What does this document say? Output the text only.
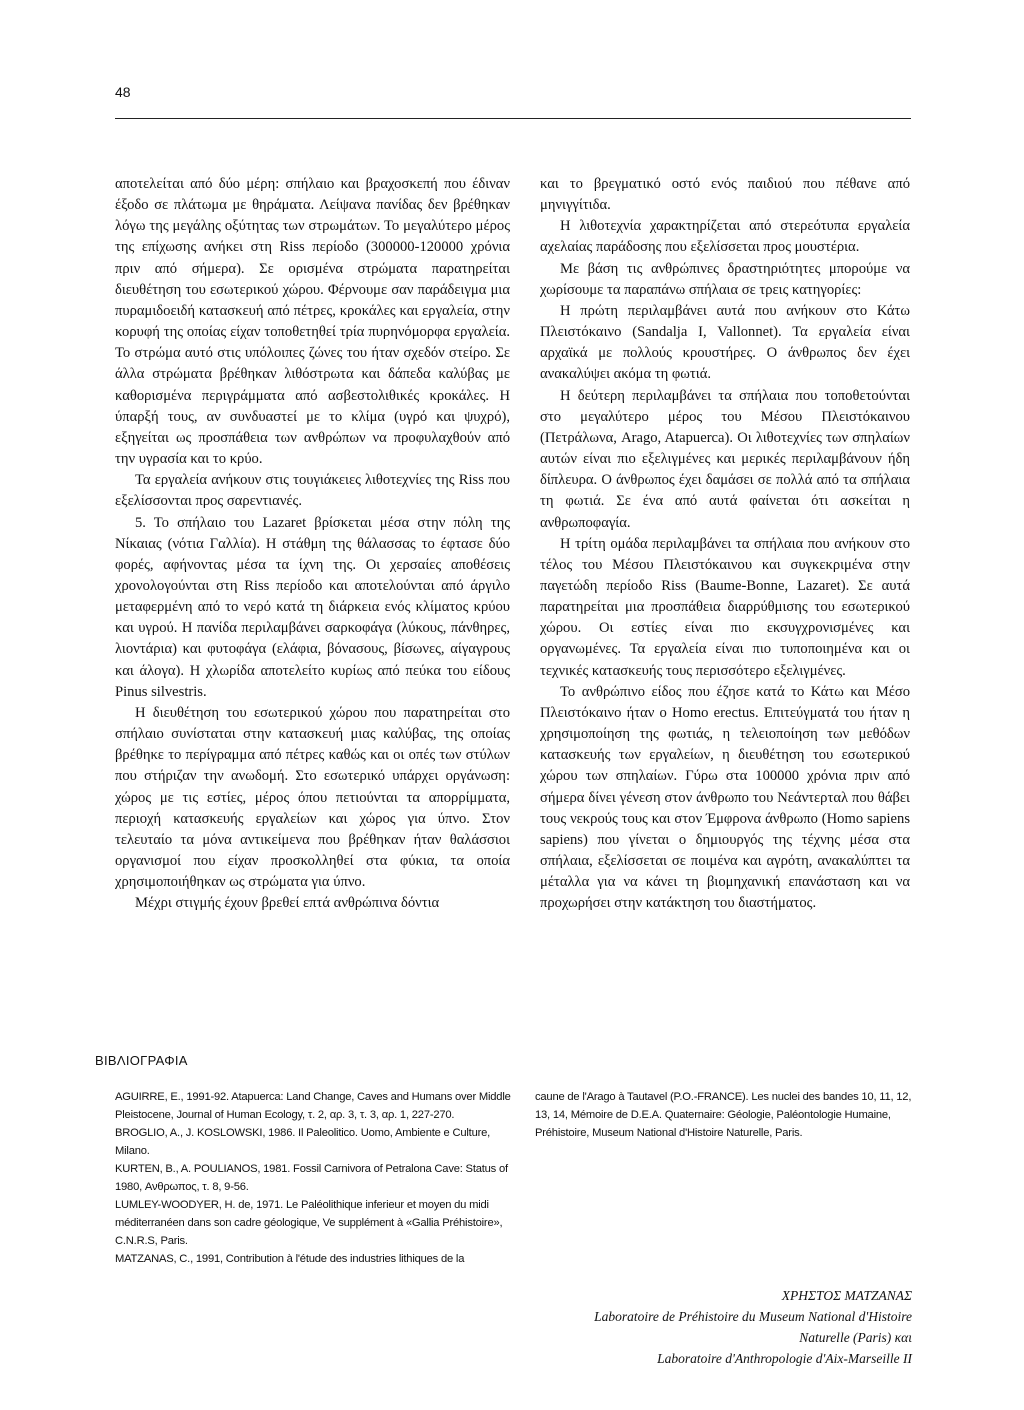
48

αποτελείται από δύο μέρη: σπήλαιο και βραχοσκεπή που έδιναν έξοδο σε πλάτωμα με θηράματα. Λείψανα πανίδας δεν βρέθηκαν λόγω της μεγάλης οξύτητας των στρωμάτων. Το μεγαλύτερο μέρος της επίχωσης ανήκει στη Riss περίοδο (300000-120000 χρόνια πριν από σήμερα). Σε ορισμένα στρώματα παρατηρείται διευθέτηση του εσωτερικού χώρου. Φέρνουμε σαν παράδειγμα μια πυραμιδοειδή κατασκευή από πέτρες, κροκάλες και εργαλεία, στην κορυφή της οποίας είχαν τοποθετηθεί τρία πυρηνόμορφα εργαλεία. Το στρώμα αυτό στις υπόλοιπες ζώνες του ήταν σχεδόν στείρο. Σε άλλα στρώματα βρέθηκαν λιθόστρωτα και δάπεδα καλύβας με καθορισμένα περιγράμματα από ασβεστολιθικές κροκάλες. Η ύπαρξή τους, αν συνδυαστεί με το κλίμα (υγρό και ψυχρό), εξηγείται ως προσπάθεια των ανθρώπων να προφυλαχθούν από την υγρασία και το κρύο.

Τα εργαλεία ανήκουν στις τουγιάκειες λιθοτεχνίες της Riss που εξελίσσονται προς σαρεντιανές.

5. Το σπήλαιο του Lazaret βρίσκεται μέσα στην πόλη της Νίκαιας (νότια Γαλλία). Η στάθμη της θάλασσας το έφτασε δύο φορές, αφήνοντας μέσα τα ίχνη της. Οι χερσαίες αποθέσεις χρονολογούνται στη Riss περίοδο και αποτελούνται από άργιλο μεταφερμένη από το νερό κατά τη διάρκεια ενός κλίματος κρύου και υγρού. Η πανίδα περιλαμβάνει σαρκοφάγα (λύκους, πάνθηρες, λιοντάρια) και φυτοφάγα (ελάφια, βόνασους, βίσωνες, αίγαγρους και άλογα). Η χλωρίδα αποτελείτο κυρίως από πεύκα του είδους Pinus silvestris.

Η διευθέτηση του εσωτερικού χώρου που παρατηρείται στο σπήλαιο συνίσταται στην κατασκευή μιας καλύβας, της οποίας βρέθηκε το περίγραμμα από πέτρες καθώς και οι οπές των στύλων που στήριζαν την ανωδομή. Στο εσωτερικό υπάρχει οργάνωση: χώρος με τις εστίες, μέρος όπου πετιούνται τα απορρίμματα, περιοχή κατασκευής εργαλείων και χώρος για ύπνο. Στον τελευταίο τα μόνα αντικείμενα που βρέθηκαν ήταν θαλάσσιοι οργανισμοί που είχαν προσκολληθεί στα φύκια, τα οποία χρησιμοποιήθηκαν ως στρώματα για ύπνο.

Μέχρι στιγμής έχουν βρεθεί επτά ανθρώπινα δόντια

και το βρεγματικό οστό ενός παιδιού που πέθανε από μηνιγγίτιδα.

Η λιθοτεχνία χαρακτηρίζεται από στερεότυπα εργαλεία αχελαίας παράδοσης που εξελίσσεται προς μουστέρια.

Με βάση τις ανθρώπινες δραστηριότητες μπορούμε να χωρίσουμε τα παραπάνω σπήλαια σε τρεις κατηγορίες:

Η πρώτη περιλαμβάνει αυτά που ανήκουν στο Κάτω Πλειστόκαινο (Sandalja I, Vallonnet). Τα εργαλεία είναι αρχαϊκά με πολλούς κρουστήρες. Ο άνθρωπος δεν έχει ανακαλύψει ακόμα τη φωτιά.

Η δεύτερη περιλαμβάνει τα σπήλαια που τοποθετούνται στο μεγαλύτερο μέρος του Μέσου Πλειστόκαινου (Πετράλωνα, Arago, Atapuerca). Οι λιθοτεχνίες των σπηλαίων αυτών είναι πιο εξελιγμένες και μερικές περιλαμβάνουν ήδη δίπλευρα. Ο άνθρωπος έχει δαμάσει σε πολλά από τα σπήλαια τη φωτιά. Σε ένα από αυτά φαίνεται ότι ασκείται η ανθρωποφαγία.

Η τρίτη ομάδα περιλαμβάνει τα σπήλαια που ανήκουν στο τέλος του Μέσου Πλειστόκαινου και συγκεκριμένα στην παγετώδη περίοδο Riss (Baume-Bonne, Lazaret). Σε αυτά παρατηρείται μια προσπάθεια διαρρύθμισης του εσωτερικού χώρου. Οι εστίες είναι πιο εκσυγχρονισμένες και οργανωμένες. Τα εργαλεία είναι πιο τυποποιημένα και οι τεχνικές κατασκευής τους περισσότερο εξελιγμένες.

Το ανθρώπινο είδος που έζησε κατά το Κάτω και Μέσο Πλειστόκαινο ήταν ο Homo erectus. Επιτεύγματά του ήταν η χρησιμοποίηση της φωτιάς, η τελειοποίηση των μεθόδων κατασκευής των εργαλείων, η διευθέτηση του εσωτερικού χώρου των σπηλαίων. Γύρω στα 100000 χρόνια πριν από σήμερα δίνει γένεση στον άνθρωπο του Νεάντερταλ που θάβει τους νεκρούς τους και στον Έμφρονα άνθρωπο (Homo sapiens sapiens) που γίνεται ο δημιουργός της τέχνης μέσα στα σπήλαια, εξελίσσεται σε ποιμένα και αγρότη, ανακαλύπτει τα μέταλλα για να κάνει τη βιομηχανική επανάσταση και να προχωρήσει στην κατάκτηση του διαστήματος.

ΒΙΒΛΙΟΓΡΑΦΙΑ

AGUIRRE, E., 1991-92. Atapuerca: Land Change, Caves and Humans over Middle Pleistocene, Journal of Human Ecology, τ. 2, αρ. 3, τ. 3, αρ. 1, 227-270.

BROGLIO, A., J. KOSLOWSKI, 1986. Il Paleolitico. Uomo, Ambiente e Culture, Milano.

KURTEN, B., A. POULIANOS, 1981. Fossil Carnivora of Petralona Cave: Status of 1980, Ανθρωπος, τ. 8, 9-56.

LUMLEY-WOODYER, H. de, 1971. Le Paléolithique inferieur et moyen du midi méditerranéen dans son cadre géologique, Ve supplément à «Gallia Préhistoire», C.N.R.S, Paris.

MATZANAS, C., 1991, Contribution à l'étude des industries lithiques de la

caune de l'Arago à Tautavel (P.O.-FRANCE). Les nuclei des bandes 10, 11, 12, 13, 14, Mémoire de D.E.A. Quaternaire: Géologie, Paléontologie Humaine, Préhistoire, Museum National d'Histoire Naturelle, Paris.

ΧΡΗΣΤΟΣ ΜΑΤΖΑΝΑΣ
Laboratoire de Préhistoire du Museum National d'Histoire
Naturelle (Paris) και
Laboratoire d'Anthropologie d'Aix-Marseille II
